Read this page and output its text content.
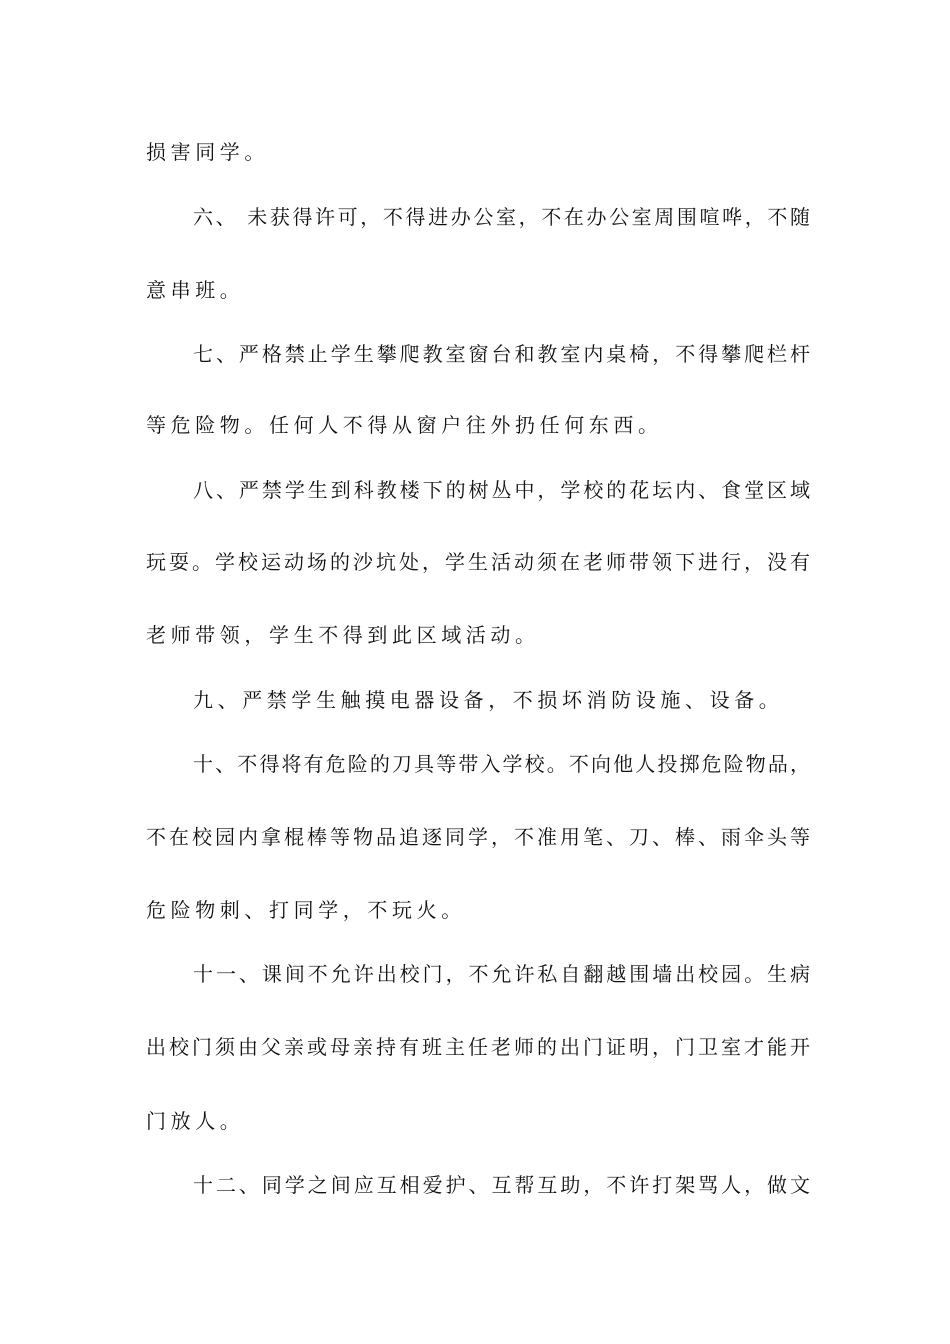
损害同学。
六、 未获得许可，不得进办公室，不在办公室周围喧哗，不随
意串班。
七、严格禁止学生攀爬教室窗台和教室内桌椅，不得攀爬栏杆
等危险物。任何人不得从窗户往外扔任何东西。
八、严禁学生到科教楼下的树丛中，学校的花坛内、食堂区域
玩耍。学校运动场的沙坑处，学生活动须在老师带领下进行，没有
老师带领，学生不得到此区域活动。
九、严禁学生触摸电器设备，不损坏消防设施、设备。
十、不得将有危险的刀具等带入学校。不向他人投掷危险物品，
不在校园内拿棍棒等物品追逐同学，不准用笔、刀、棒、雨伞头等
危险物刺、打同学，不玩火。
十一、课间不允许出校门，不允许私自翻越围墙出校园。生病
出校门须由父亲或母亲持有班主任老师的出门证明，门卫室才能开
门放人。
十二、同学之间应互相爱护、互帮互助，不许打架骂人，做文
